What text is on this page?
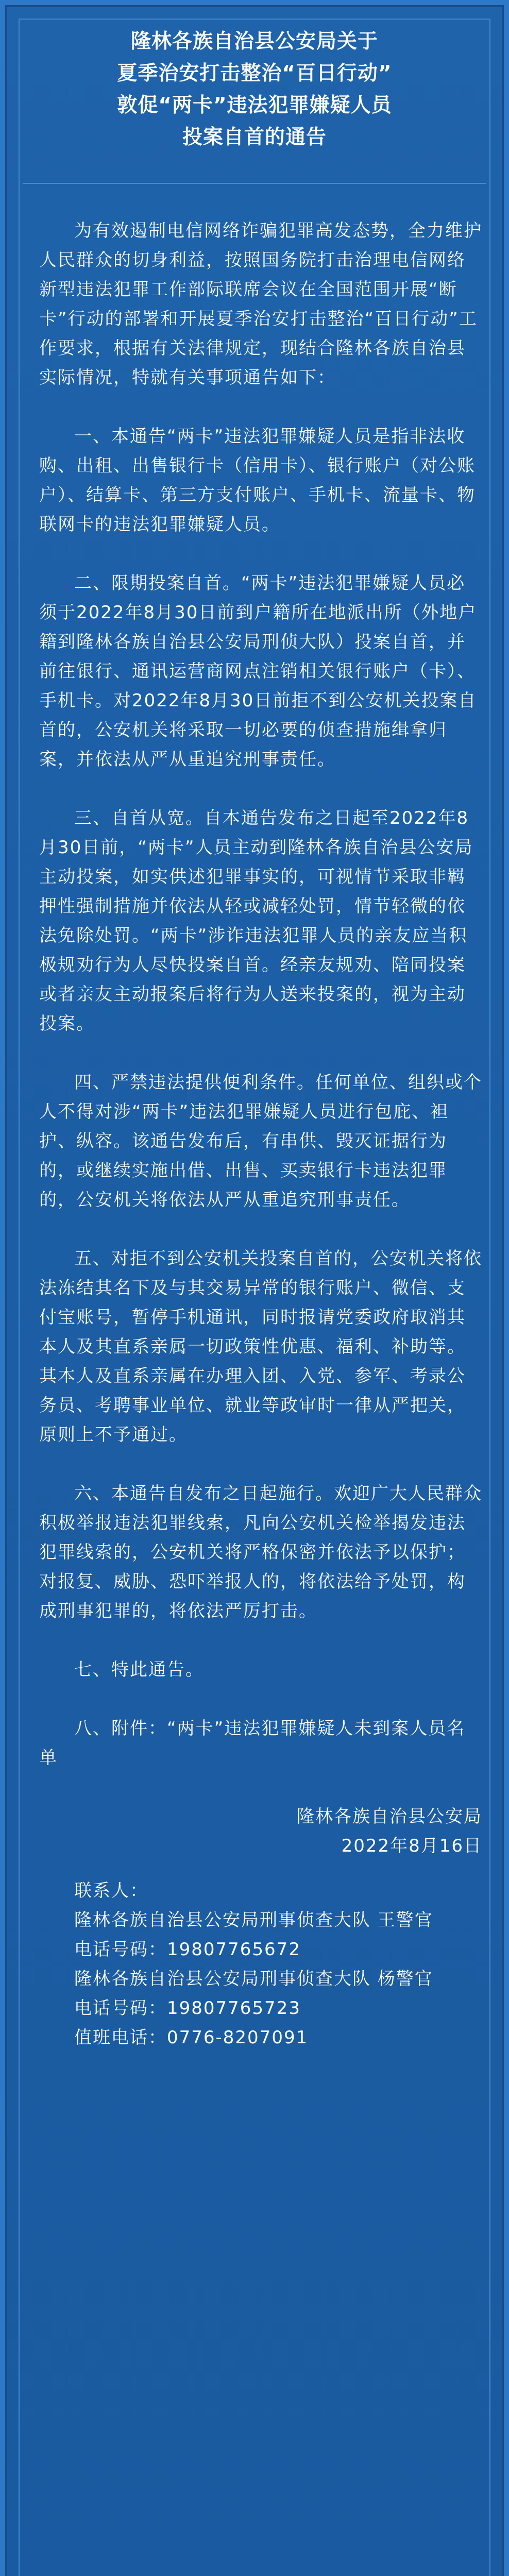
隆林各族自治县公安局关于
夏季治安打击整治“百日行动”
敦促“两卡”违法犯罪嫌疑人员
投案自首的通告

为有效遏制电信网络诈骗犯罪高发态势，全力维护人民群众的切身利益，按照国务院打击治理电信网络新型违法犯罪工作部际联席会议在全国范围开展“断卡”行动的部署和开展夏季治安打击整治“百日行动”工作要求，根据有关法律规定，现结合隆林各族自治县实际情况，特就有关事项通告如下：

一、本通告“两卡”违法犯罪嫌疑人员是指非法收购、出租、出售银行卡（信用卡）、银行账户（对公账户）、结算卡、第三方支付账户、手机卡、流量卡、物联网卡的违法犯罪嫌疑人员。

二、限期投案自首。“两卡”违法犯罪嫌疑人员必须于2022年8月30日前到户籍所在地派出所（外地户籍到隆林各族自治县公安局刑侦大队）投案自首，并前往银行、通讯运营商网点注销相关银行账户（卡）、手机卡。对2022年8月30日前拒不到公安机关投案自首的，公安机关将采取一切必要的侦查措施缉拿归案，并依法从严从重追究刑事责任。

三、自首从宽。自本通告发布之日起至2022年8月30日前，“两卡”人员主动到隆林各族自治县公安局主动投案，如实供述犯罪事实的，可视情节采取非羁押性强制措施并依法从轻或减轻处罚，情节轻微的依法免除处罚。“两卡”涉诈违法犯罪人员的亲友应当积极规劝行为人尽快投案自首。经亲友规劝、陪同投案或者亲友主动报案后将行为人送来投案的，视为主动投案。

四、严禁违法提供便利条件。任何单位、组织或个人不得对涉“两卡”违法犯罪嫌疑人员进行包庇、袒护、纵容。该通告发布后，有串供、毁灭证据行为的，或继续实施出借、出售、买卖银行卡违法犯罪的，公安机关将依法从严从重追究刑事责任。

五、对拒不到公安机关投案自首的，公安机关将依法冻结其名下及与其交易异常的银行账户、微信、支付宝账号，暂停手机通讯，同时报请党委政府取消其本人及其直系亲属一切政策性优惠、福利、补助等。其本人及直系亲属在办理入团、入党、参军、考录公务员、考聘事业单位、就业等政审时一律从严把关，原则上不予通过。

六、本通告自发布之日起施行。欢迎广大人民群众积极举报违法犯罪线索，凡向公安机关检举揭发违法犯罪线索的，公安机关将严格保密并依法予以保护；对报复、威胁、恐吓举报人的，将依法给予处罚，构成刑事犯罪的，将依法严厉打击。

七、特此通告。

八、附件：“两卡”违法犯罪嫌疑人未到案人员名单

隆林各族自治县公安局
2022年8月16日
联系人：
隆林各族自治县公安局刑事侦查大队 王警官
电话号码：19807765672
隆林各族自治县公安局刑事侦查大队 杨警官
电话号码：19807765723
值班电话：0776-8207091
